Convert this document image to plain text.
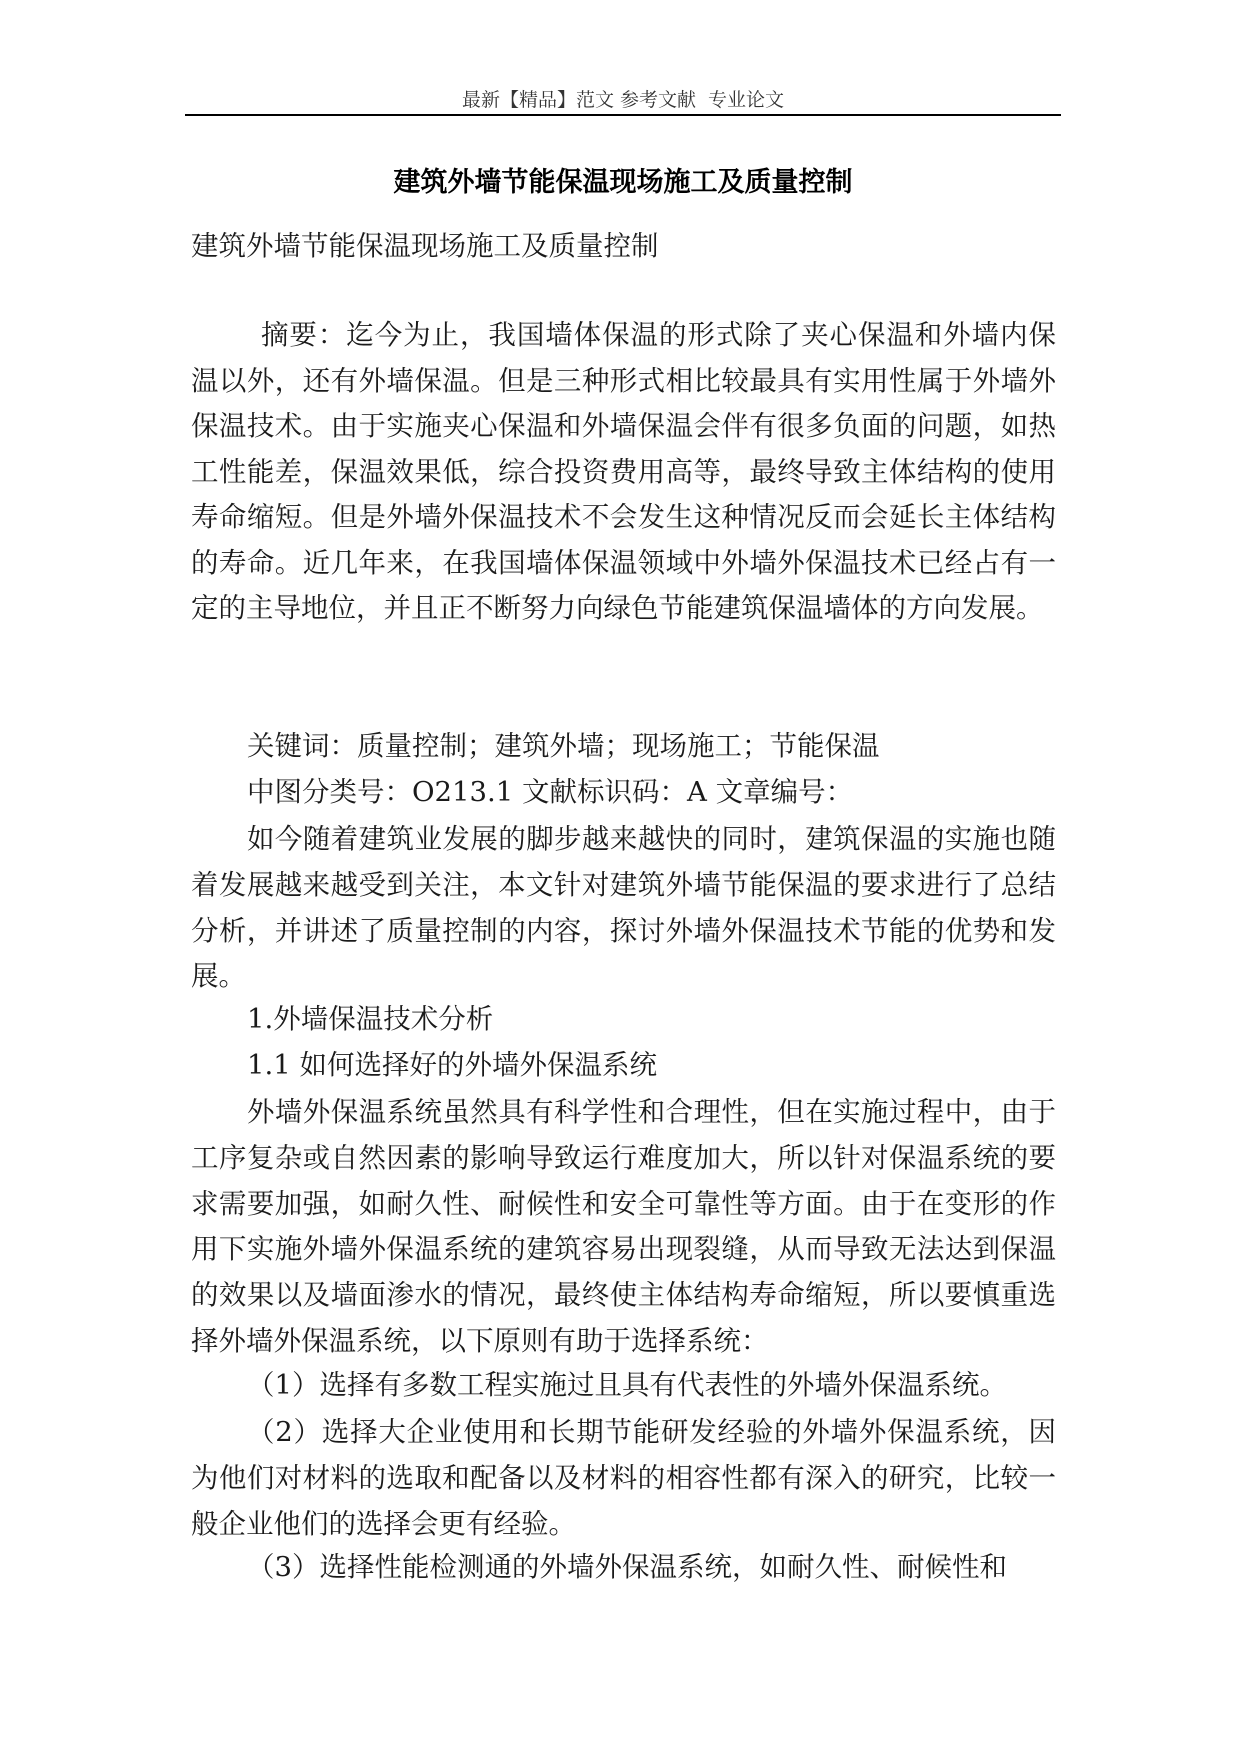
最新【精品】范文 参考文献  专业论文
建筑外墙节能保温现场施工及质量控制

建筑外墙节能保温现场施工及质量控制

摘要：迄今为止，我国墙体保温的形式除了夹心保温和外墙内保温以外，还有外墙保温。但是三种形式相比较最具有实用性属于外墙外保温技术。由于实施夹心保温和外墙保温会伴有很多负面的问题，如热工性能差，保温效果低，综合投资费用高等，最终导致主体结构的使用寿命缩短。但是外墙外保温技术不会发生这种情况反而会延长主体结构的寿命。近几年来，在我国墙体保温领域中外墙外保温技术已经占有一定的主导地位，并且正不断努力向绿色节能建筑保温墙体的方向发展。

关键词：质量控制；建筑外墙；现场施工；节能保温

中图分类号：O213.1 文献标识码：A 文章编号：

如今随着建筑业发展的脚步越来越快的同时，建筑保温的实施也随着发展越来越受到关注，本文针对建筑外墙节能保温的要求进行了总结分析，并讲述了质量控制的内容，探讨外墙外保温技术节能的优势和发展。

1.外墙保温技术分析

1.1 如何选择好的外墙外保温系统

外墙外保温系统虽然具有科学性和合理性，但在实施过程中，由于工序复杂或自然因素的影响导致运行难度加大，所以针对保温系统的要求需要加强，如耐久性、耐候性和安全可靠性等方面。由于在变形的作用下实施外墙外保温系统的建筑容易出现裂缝，从而导致无法达到保温的效果以及墙面渗水的情况，最终使主体结构寿命缩短，所以要慎重选择外墙外保温系统，以下原则有助于选择系统：

（1）选择有多数工程实施过且具有代表性的外墙外保温系统。

（2）选择大企业使用和长期节能研发经验的外墙外保温系统，因为他们对材料的选取和配备以及材料的相容性都有深入的研究，比较一般企业他们的选择会更有经验。

（3）选择性能检测通的外墙外保温系统，如耐久性、耐候性和
